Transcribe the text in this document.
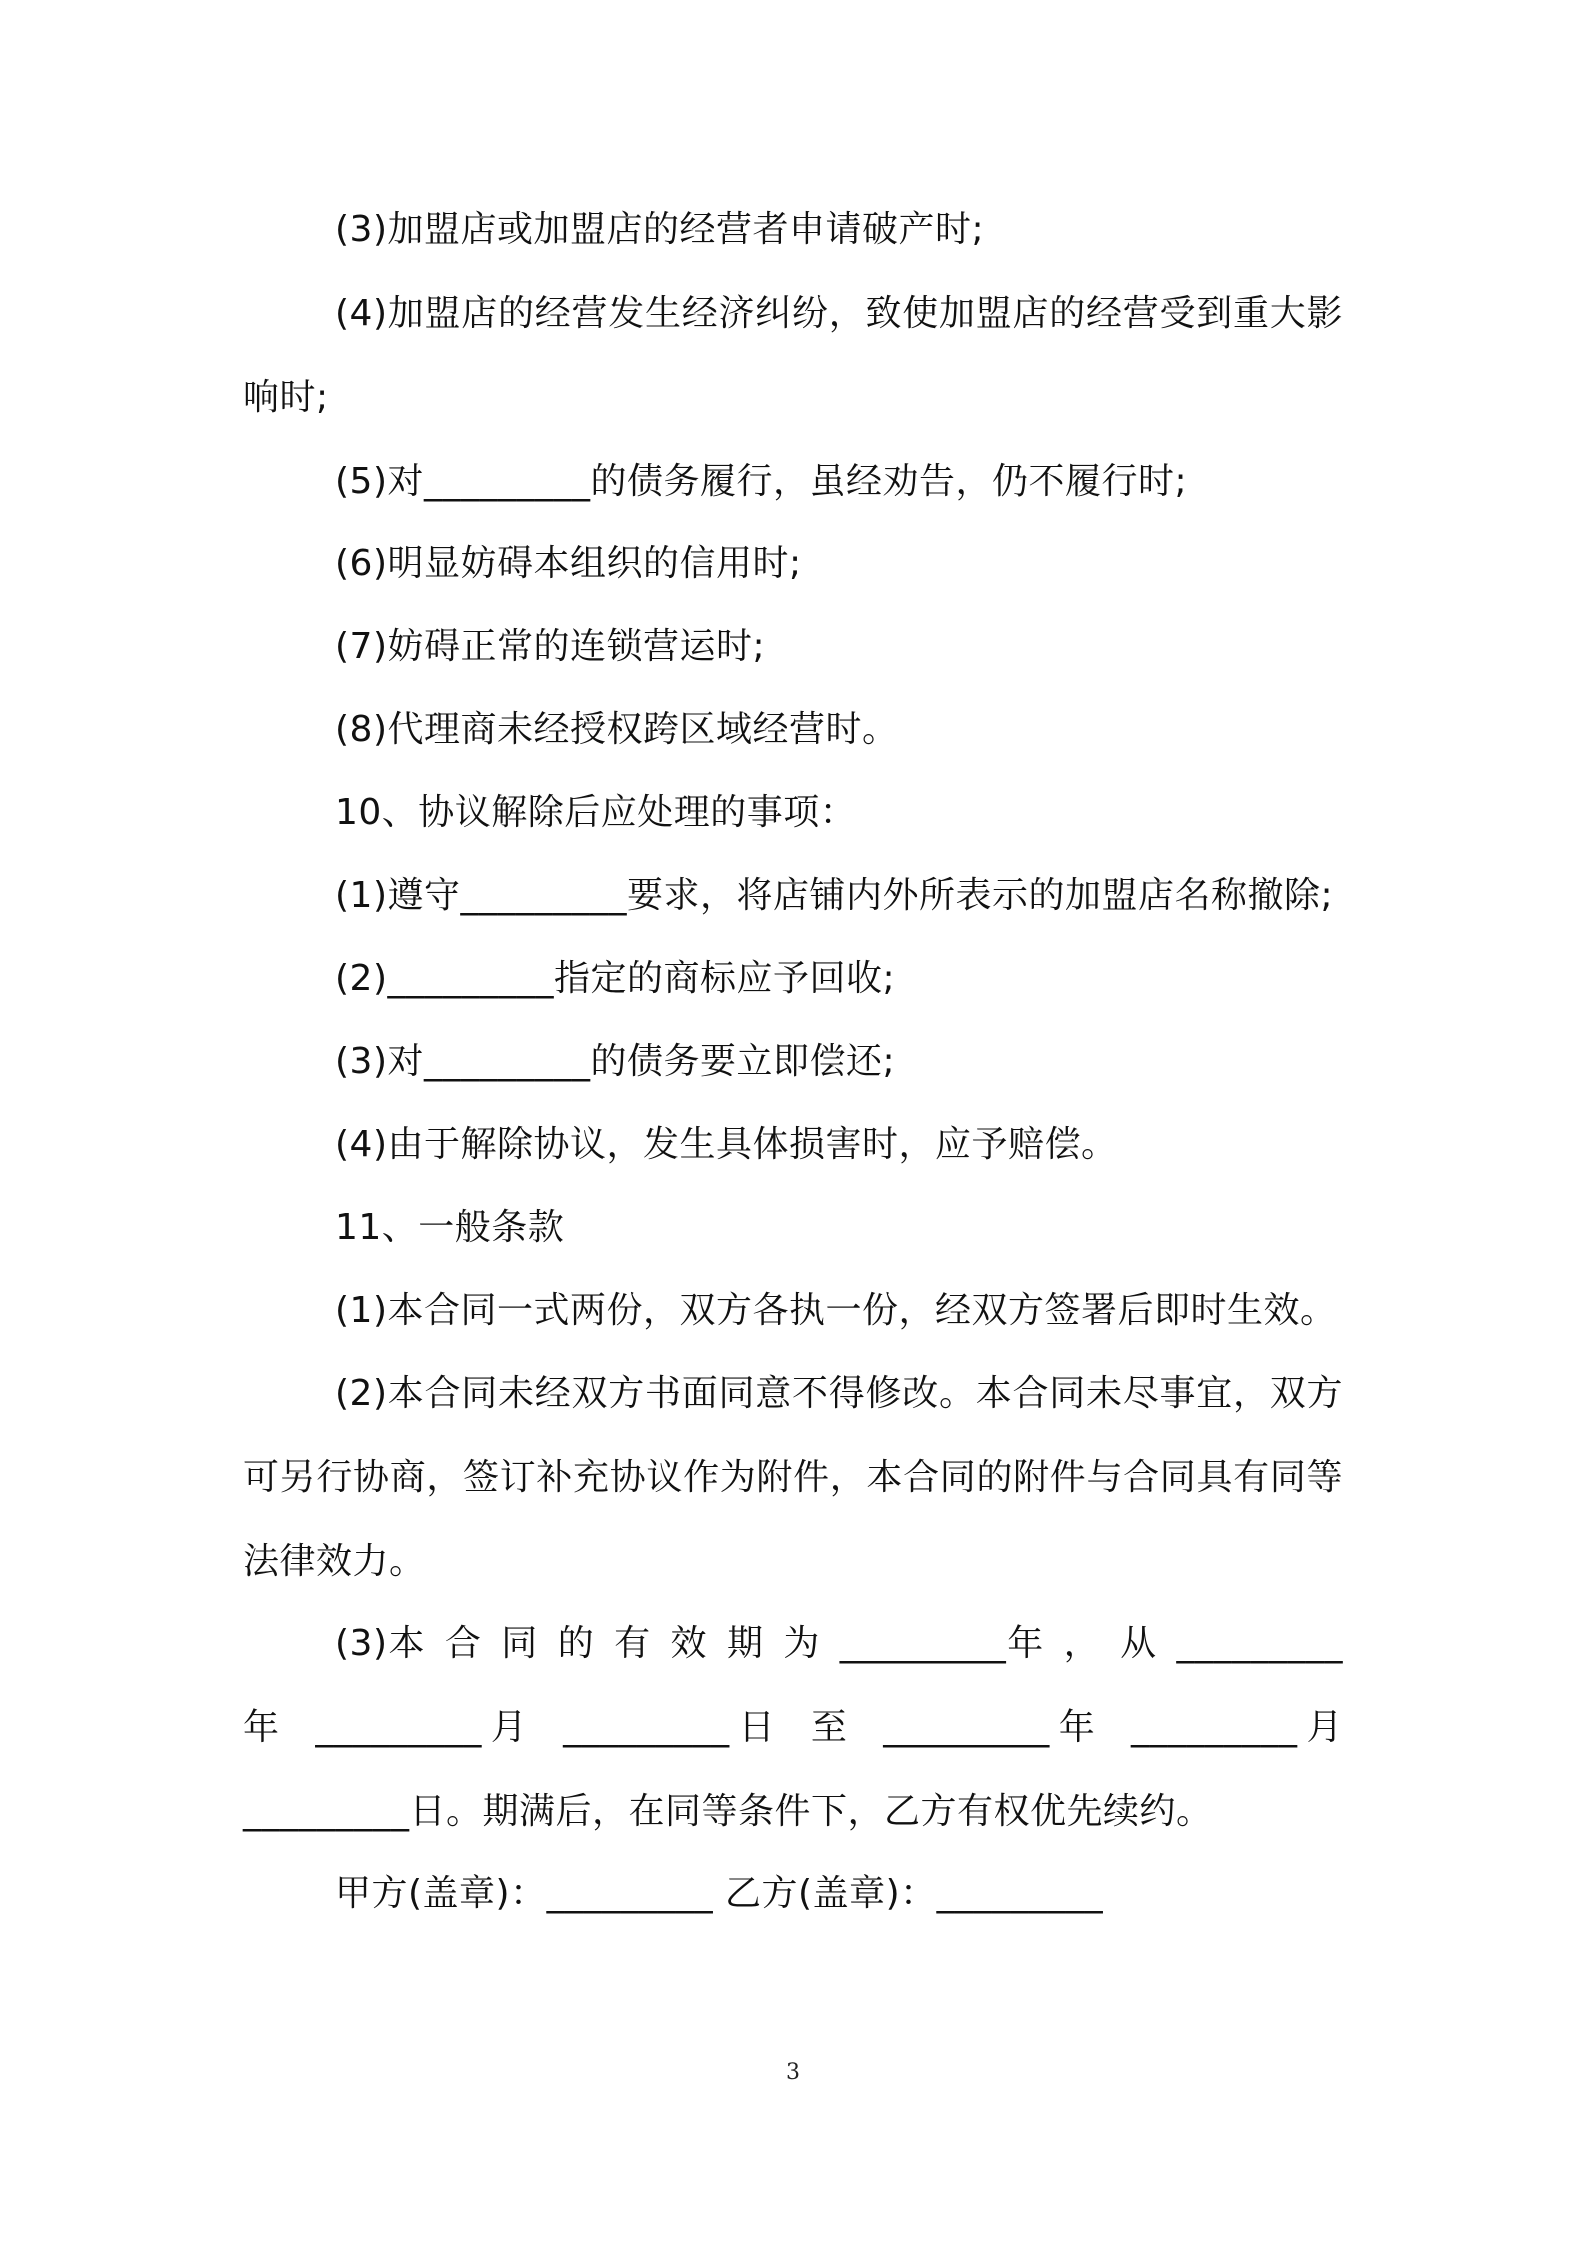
(3)加盟店或加盟店的经营者申请破产时;
(4)加盟店的经营发生经济纠纷，致使加盟店的经营受到重大影响时;
(5)对_________的债务履行，虽经劝告，仍不履行时;
(6)明显妨碍本组织的信用时;
(7)妨碍正常的连锁营运时;
(8)代理商未经授权跨区域经营时。
10、协议解除后应处理的事项：
(1)遵守_________要求，将店铺内外所表示的加盟店名称撤除;
(2)_________指定的商标应予回收;
(3)对_________的债务要立即偿还;
(4)由于解除协议，发生具体损害时，应予赔偿。
11、一般条款
(1)本合同一式两份，双方各执一份，经双方签署后即时生效。
(2)本合同未经双方书面同意不得修改。本合同未尽事宜，双方可另行协商，签订补充协议作为附件，本合同的附件与合同具有同等法律效力。
(3)本 合 同 的 有 效 期 为 _________年 ， 从 _________年 _________月 _________日 至 _________年 _________月 _________日。期满后，在同等条件下，乙方有权优先续约。
甲方(盖章)：_________ 乙方(盖章)：_________
3
